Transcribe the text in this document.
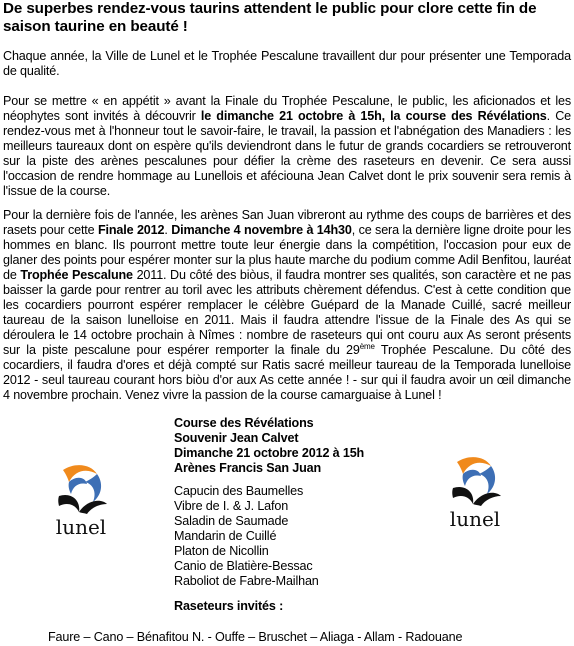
De superbes rendez-vous taurins attendent le public pour clore cette fin de saison taurine en beauté !

Chaque année, la Ville de Lunel et le Trophée Pescalune travaillent dur pour présenter une Temporada de qualité.

Pour se mettre « en appétit » avant la Finale du Trophée Pescalune, le public, les aficionados et les néophytes sont invités à découvrir le dimanche 21 octobre à 15h, la course des Révélations. Ce rendez-vous met à l'honneur tout le savoir-faire, le travail, la passion et l'abnégation des Manadiers : les meilleurs taureaux dont on espère qu'ils deviendront dans le futur de grands cocardiers se retrouveront sur la piste des arènes pescalunes pour défier la crème des raseteurs en devenir. Ce sera aussi l'occasion de rendre hommage au Lunellois et aféciouna Jean Calvet dont le prix souvenir sera remis à l'issue de la course.

Pour la dernière fois de l'année, les arènes San Juan vibreront au rythme des coups de barrières et des rasets pour cette Finale 2012. Dimanche 4 novembre à 14h30, ce sera la dernière ligne droite pour les hommes en blanc. Ils pourront mettre toute leur énergie dans la compétition, l'occasion pour eux de glaner des points pour espérer monter sur la plus haute marche du podium comme Adil Benfitou, lauréat de Trophée Pescalune 2011. Du côté des biòus, il faudra montrer ses qualités, son caractère et ne pas baisser la garde pour rentrer au toril avec les attributs chèrement défendus. C'est à cette condition que les cocardiers pourront espérer remplacer le célèbre Guépard de la Manade Cuillé, sacré meilleur taureau de la saison lunelloise en 2011. Mais il faudra attendre l'issue de la Finale des As qui se déroulera le 14 octobre prochain à Nîmes : nombre de raseteurs qui ont couru aux As seront présents sur la piste pescalune pour espérer remporter la finale du 29ème Trophée Pescalune. Du côté des cocardiers, il faudra d'ores et déjà compté sur Ratis sacré meilleur taureau de la Temporada lunelloise 2012 - seul taureau courant hors biòu d'or aux As cette année ! - sur qui il faudra avoir un œil dimanche 4 novembre prochain. Venez vivre la passion de la course camarguaise à Lunel !

lunel	lunel
Course des Révélations
Souvenir Jean Calvet
Dimanche 21 octobre 2012 à 15h
Arènes Francis San Juan
Capucin des Baumelles
Vibre de I. & J. Lafon
Saladin de Saumade
Mandarin de Cuillé
Platon de Nicollin
Canio de Blatière-Bessac
Raboliot de Fabre-Mailhan
Raseteurs invités :
Faure – Cano – Bénafitou N. - Ouffe – Bruschet – Aliaga - Allam - Radouane
